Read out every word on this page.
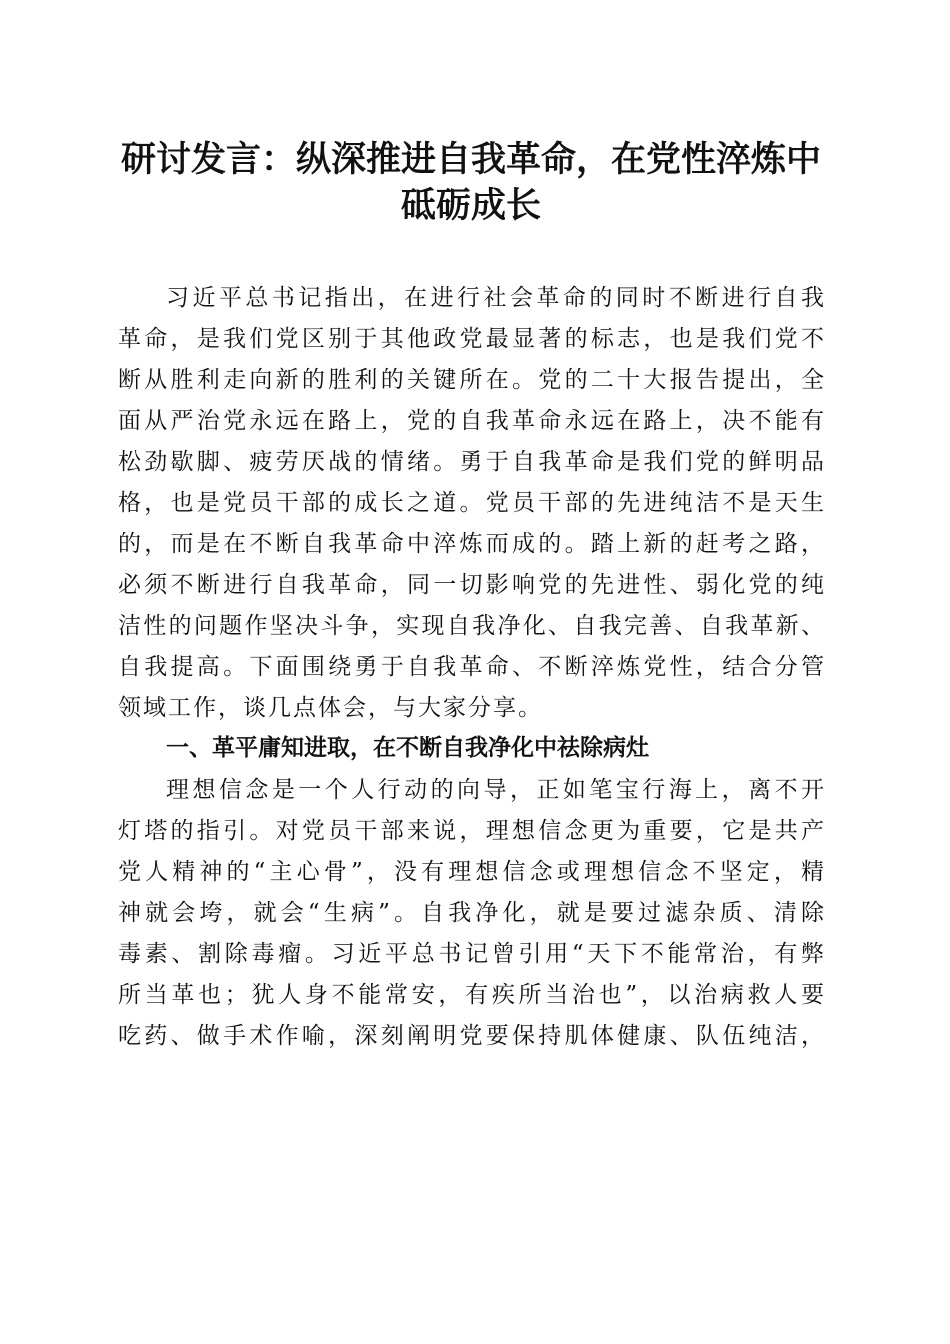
研讨发言：纵深推进自我革命，在党性淬炼中
砥砺成长
习近平总书记指出，在进行社会革命的同时不断进行自我
革命，是我们党区别于其他政党最显著的标志，也是我们党不
断从胜利走向新的胜利的关键所在。党的二十大报告提出，全
面从严治党永远在路上，党的自我革命永远在路上，决不能有
松劲歇脚、疲劳厌战的情绪。勇于自我革命是我们党的鲜明品
格，也是党员干部的成长之道。党员干部的先进纯洁不是天生
的，而是在不断自我革命中淬炼而成的。踏上新的赶考之路，
必须不断进行自我革命，同一切影响党的先进性、弱化党的纯
洁性的问题作坚决斗争，实现自我净化、自我完善、自我革新、
自我提高。下面围绕勇于自我革命、不断淬炼党性，结合分管
领域工作，谈几点体会，与大家分享。
一、革平庸知进取，在不断自我净化中祛除病灶
理想信念是一个人行动的向导，正如笔宝行海上，离不开
灯塔的指引。对党员干部来说，理想信念更为重要，它是共产
党人精神的“主心骨”，没有理想信念或理想信念不坚定，精
神就会垮，就会“生病”。自我净化，就是要过滤杂质、清除
毒素、割除毒瘤。习近平总书记曾引用“天下不能常治，有弊
所当革也；犹人身不能常安，有疾所当治也”，以治病救人要
吃药、做手术作喻，深刻阐明党要保持肌体健康、队伍纯洁，
